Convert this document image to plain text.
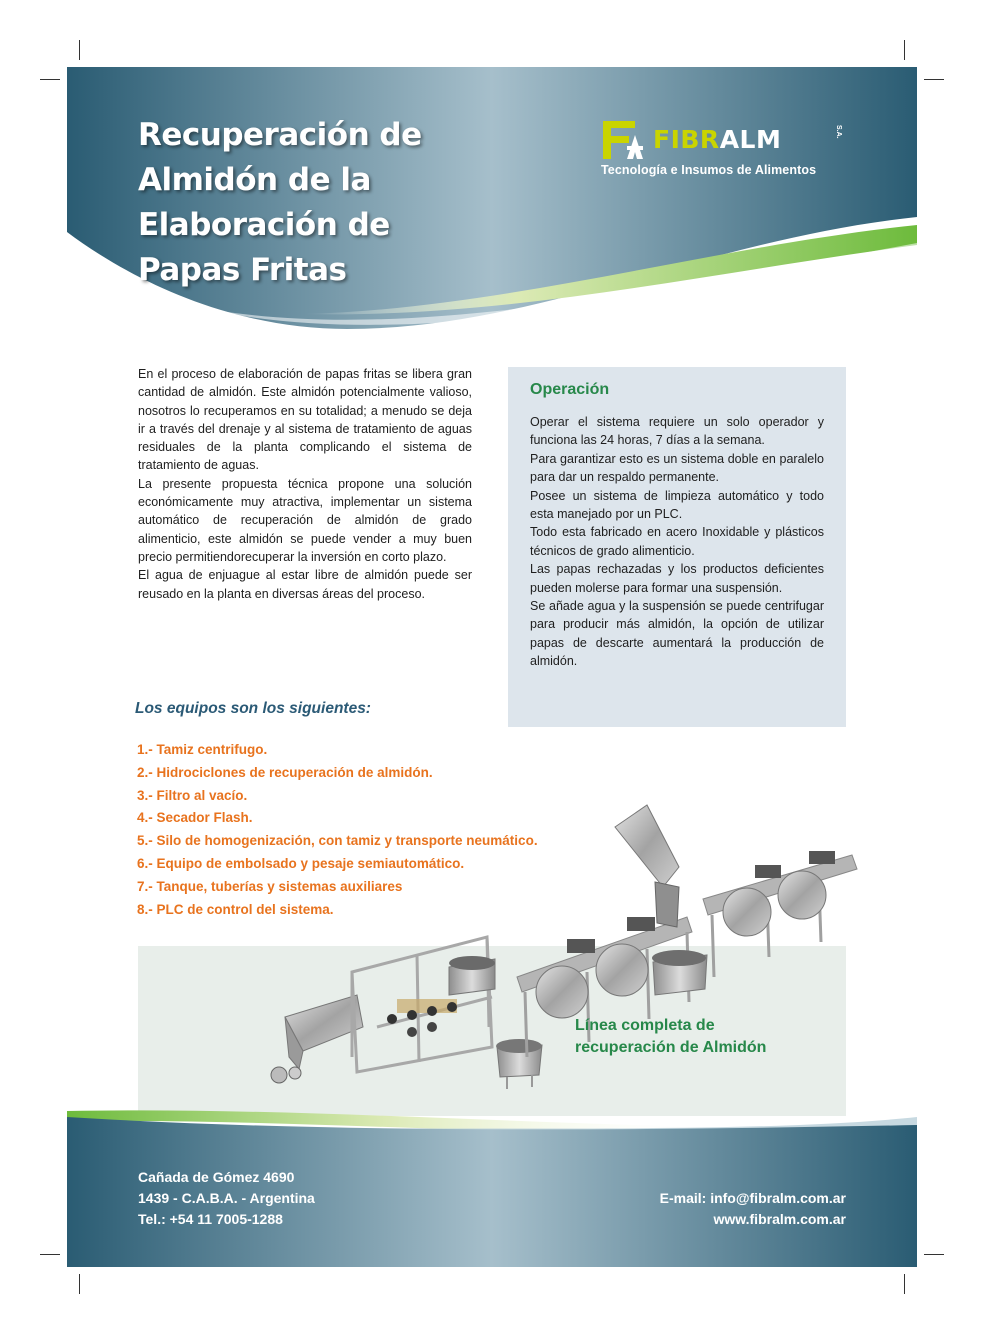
Recuperación de
Almidón de la
Elaboración de
Papas Fritas
FIBRALM	S.A.
Tecnología e Insumos de Alimentos

En el proceso de elaboración de papas fritas se libera gran cantidad de almidón. Este almidón potencialmente valioso, nosotros lo recuperamos en su totalidad; a menudo se deja ir a través del drenaje y al sistema de tratamiento de aguas residuales de la planta complicando el sistema de tratamiento de aguas.

La presente propuesta técnica propone una solución económicamente muy atractiva, implementar un sistema automático de recuperación de almidón de grado alimenticio, este almidón se puede vender a muy buen precio permitiendorecuperar la inversión en corto plazo.

El agua de enjuague al estar libre de almidón puede ser reusado en la planta en diversas áreas del proceso.

Operación

Operar el sistema requiere un solo operador y funciona las 24 horas, 7 días a la semana.

Para garantizar esto es un sistema doble en paralelo para dar un respaldo permanente.

Posee un sistema de limpieza automático y todo esta manejado por un PLC.

Todo esta fabricado en acero Inoxidable y plásticos técnicos de grado alimenticio.

Las papas rechazadas y los productos deficientes pueden molerse para formar una suspensión.

Se añade agua y la suspensión se puede centrifugar para producir más almidón, la opción de utilizar papas de descarte aumentará la producción de almidón.

Los equipos son los siguientes:
1.- Tamiz centrifugo.
2.- Hidrociclones de recuperación de almidón.
3.- Filtro al vacío.
4.- Secador Flash.
5.- Silo de homogenización, con tamiz y transporte neumático.
6.- Equipo de embolsado y pesaje semiautomático.
7.- Tanque, tuberías y sistemas auxiliares
8.- PLC de control del sistema.
Línea completa de
recuperación de Almidón
Cañada de Gómez 4690
1439 - C.A.B.A. - Argentina
Tel.: +54 11 7005-1288
E-mail: info@fibralm.com.ar
www.fibralm.com.ar
